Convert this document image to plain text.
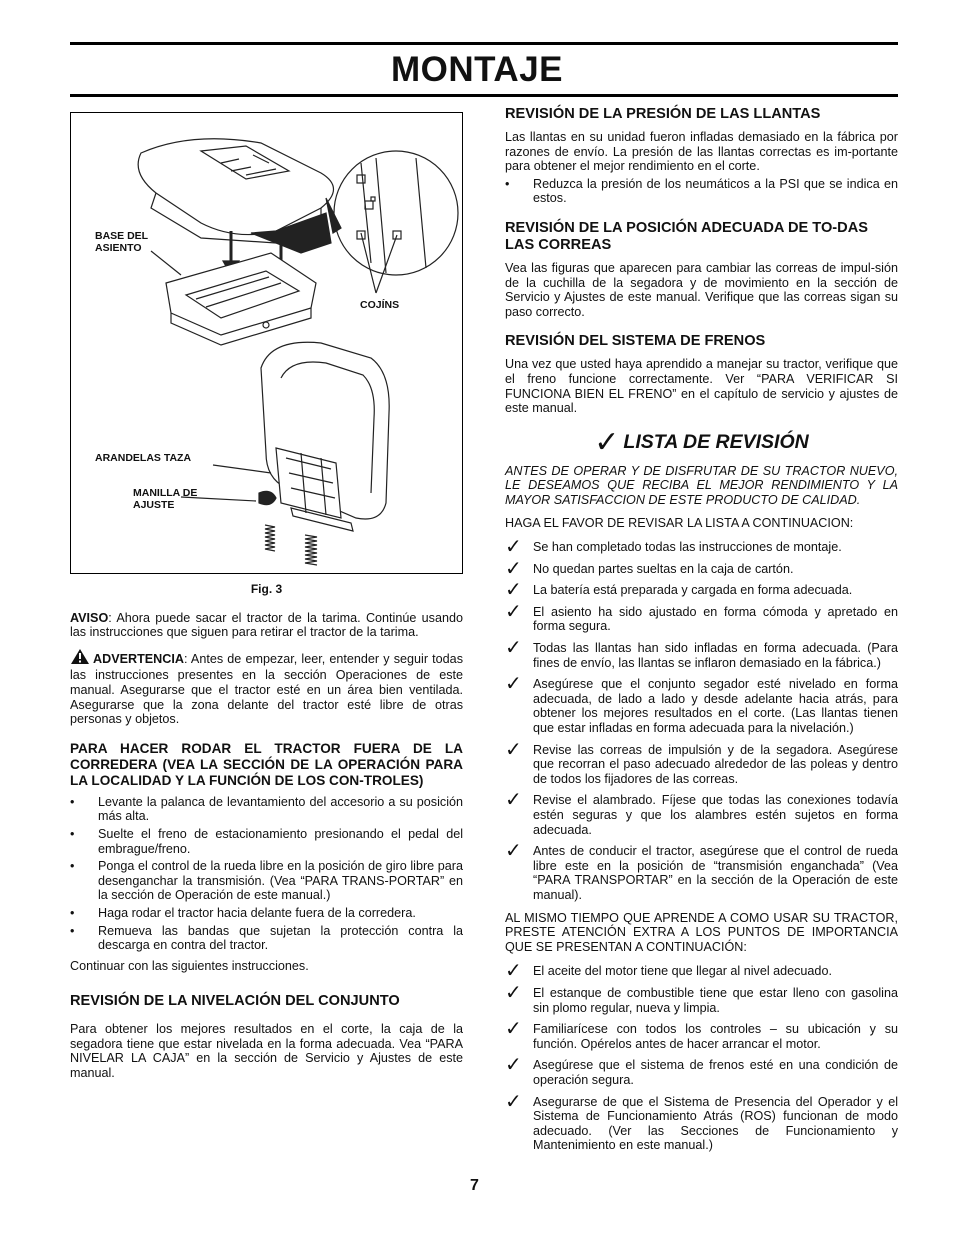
MONTAJE
BASE DEL
ASIENTO
COJÍNS
ARANDELAS TAZA
MANILLA DE
AJUSTE
Fig. 3

AVISO: Ahora puede sacar el tractor de la tarima. Continúe usando las instrucciones que siguen para retirar el tractor de la tarima.

ADVERTENCIA: Antes de empezar, leer, entender y seguir todas las instrucciones presentes en la sección Operaciones de este manual. Asegurarse que el tractor esté en un área bien ventilada. Asegurarse que la zona delante del tractor esté libre de otras personas y objetos.

PARA HACER RODAR EL TRACTOR FUERA DE LA CORREDERA (VEA LA SECCIÓN DE LA OPERACIÓN PARA LA LOCALIDAD Y LA FUNCIÓN DE LOS CON-TROLES)
• Levante la palanca de levantamiento del accesorio a su posición más alta.
• Suelte el freno de estacionamiento presionando el pedal del embrague/freno.
• Ponga el control de la rueda libre en la posición de giro libre para desenganchar la transmisión. (Vea “PARA TRANS-PORTAR” en la sección de Operación de este manual.)
• Haga rodar el tractor hacia delante fuera de la corredera.
• Remueva las bandas que sujetan la protección contra la descarga en contra del tractor.

Continuar con las siguientes instrucciones.

REVISIÓN DE LA NIVELACIÓN DEL CONJUNTO

Para obtener los mejores resultados en el corte, la caja de la segadora tiene que estar nivelada en la forma adecuada. Vea “PARA NIVELAR LA CAJA” en la sección de Servicio y Ajustes de este manual.

REVISIÓN DE LA PRESIÓN DE LAS LLANTAS

Las llantas en su unidad fueron infladas demasiado en la fábrica por razones de envío. La presión de las llantas correctas es im-portante para obtener el mejor rendimiento en el corte.

• Reduzca la presión de los neumáticos a la PSI que se indica en estos.
REVISIÓN DE LA POSICIÓN ADECUADA DE TO-DAS LAS CORREAS

Vea las figuras que aparecen para cambiar las correas de impul-sión de la cuchilla de la segadora y de movimiento en la sección de Servicio y Ajustes de este manual. Verifique que las correas sigan su paso correcto.

REVISIÓN DEL SISTEMA DE FRENOS

Una vez que usted haya aprendido a manejar su tractor, verifique que el freno funcione correctamente. Ver “PARA VERIFICAR SI FUNCIONA BIEN EL FRENO” en el capítulo de servicio y ajustes de este manual.

✓ LISTA DE REVISIÓN

ANTES DE OPERAR Y DE DISFRUTAR DE SU TRACTOR NUEVO, LE DESEAMOS QUE RECIBA EL MEJOR RENDIMIENTO Y LA MAYOR SATISFACCION DE ESTE PRODUCTO DE CALIDAD.

HAGA EL FAVOR DE REVISAR LA LISTA A CONTINUACION:

✓ Se han completado todas las instrucciones de montaje.
✓ No quedan partes sueltas en la caja de cartón.
✓ La batería está preparada y cargada en forma adecuada.
✓ El asiento ha sido ajustado en forma cómoda y apretado en forma segura.
✓ Todas las llantas han sido infladas en forma adecuada. (Para fines de envío, las llantas se inflaron demasiado en la fábrica.)
✓ Asegúrese que el conjunto segador esté nivelado en forma adecuada, de lado a lado y desde adelante hacia atrás, para obtener los mejores resultados en el corte. (Las llantas tienen que estar infladas en forma adecuada para la nivelación.)
✓ Revise las correas de impulsión y de la segadora. Asegúrese que recorran el paso adecuado alrededor de las poleas y dentro de todos los fijadores de las correas.
✓ Revise el alambrado. Fíjese que todas las conexiones todavía estén seguras y que los alambres estén sujetos en forma adecuada.
✓ Antes de conducir el tractor, asegúrese que el control de rueda libre este en la posición de “transmisión enganchada” (Vea “PARA TRANSPORTAR” en la sección de la Operación de este manual).

AL MISMO TIEMPO QUE APRENDE A COMO USAR SU TRACTOR, PRESTE ATENCIÓN EXTRA A LOS PUNTOS DE IMPORTANCIA QUE SE PRESENTAN A CONTINUACIÓN:

✓ El aceite del motor tiene que llegar al nivel adecuado.
✓ El estanque de combustible tiene que estar lleno con gasolina sin plomo regular, nueva y limpia.
✓ Familiarícese con todos los controles – su ubicación y su función. Opérelos antes de hacer arrancar el motor.
✓ Asegúrese que el sistema de frenos esté en una condición de operación segura.
✓ Asegurarse de que el Sistema de Presencia del Operador y el Sistema de Funcionamiento Atrás (ROS) funcionan de modo adecuado. (Ver las Secciones de Funcionamiento y Mantenimiento en este manual.)
7
